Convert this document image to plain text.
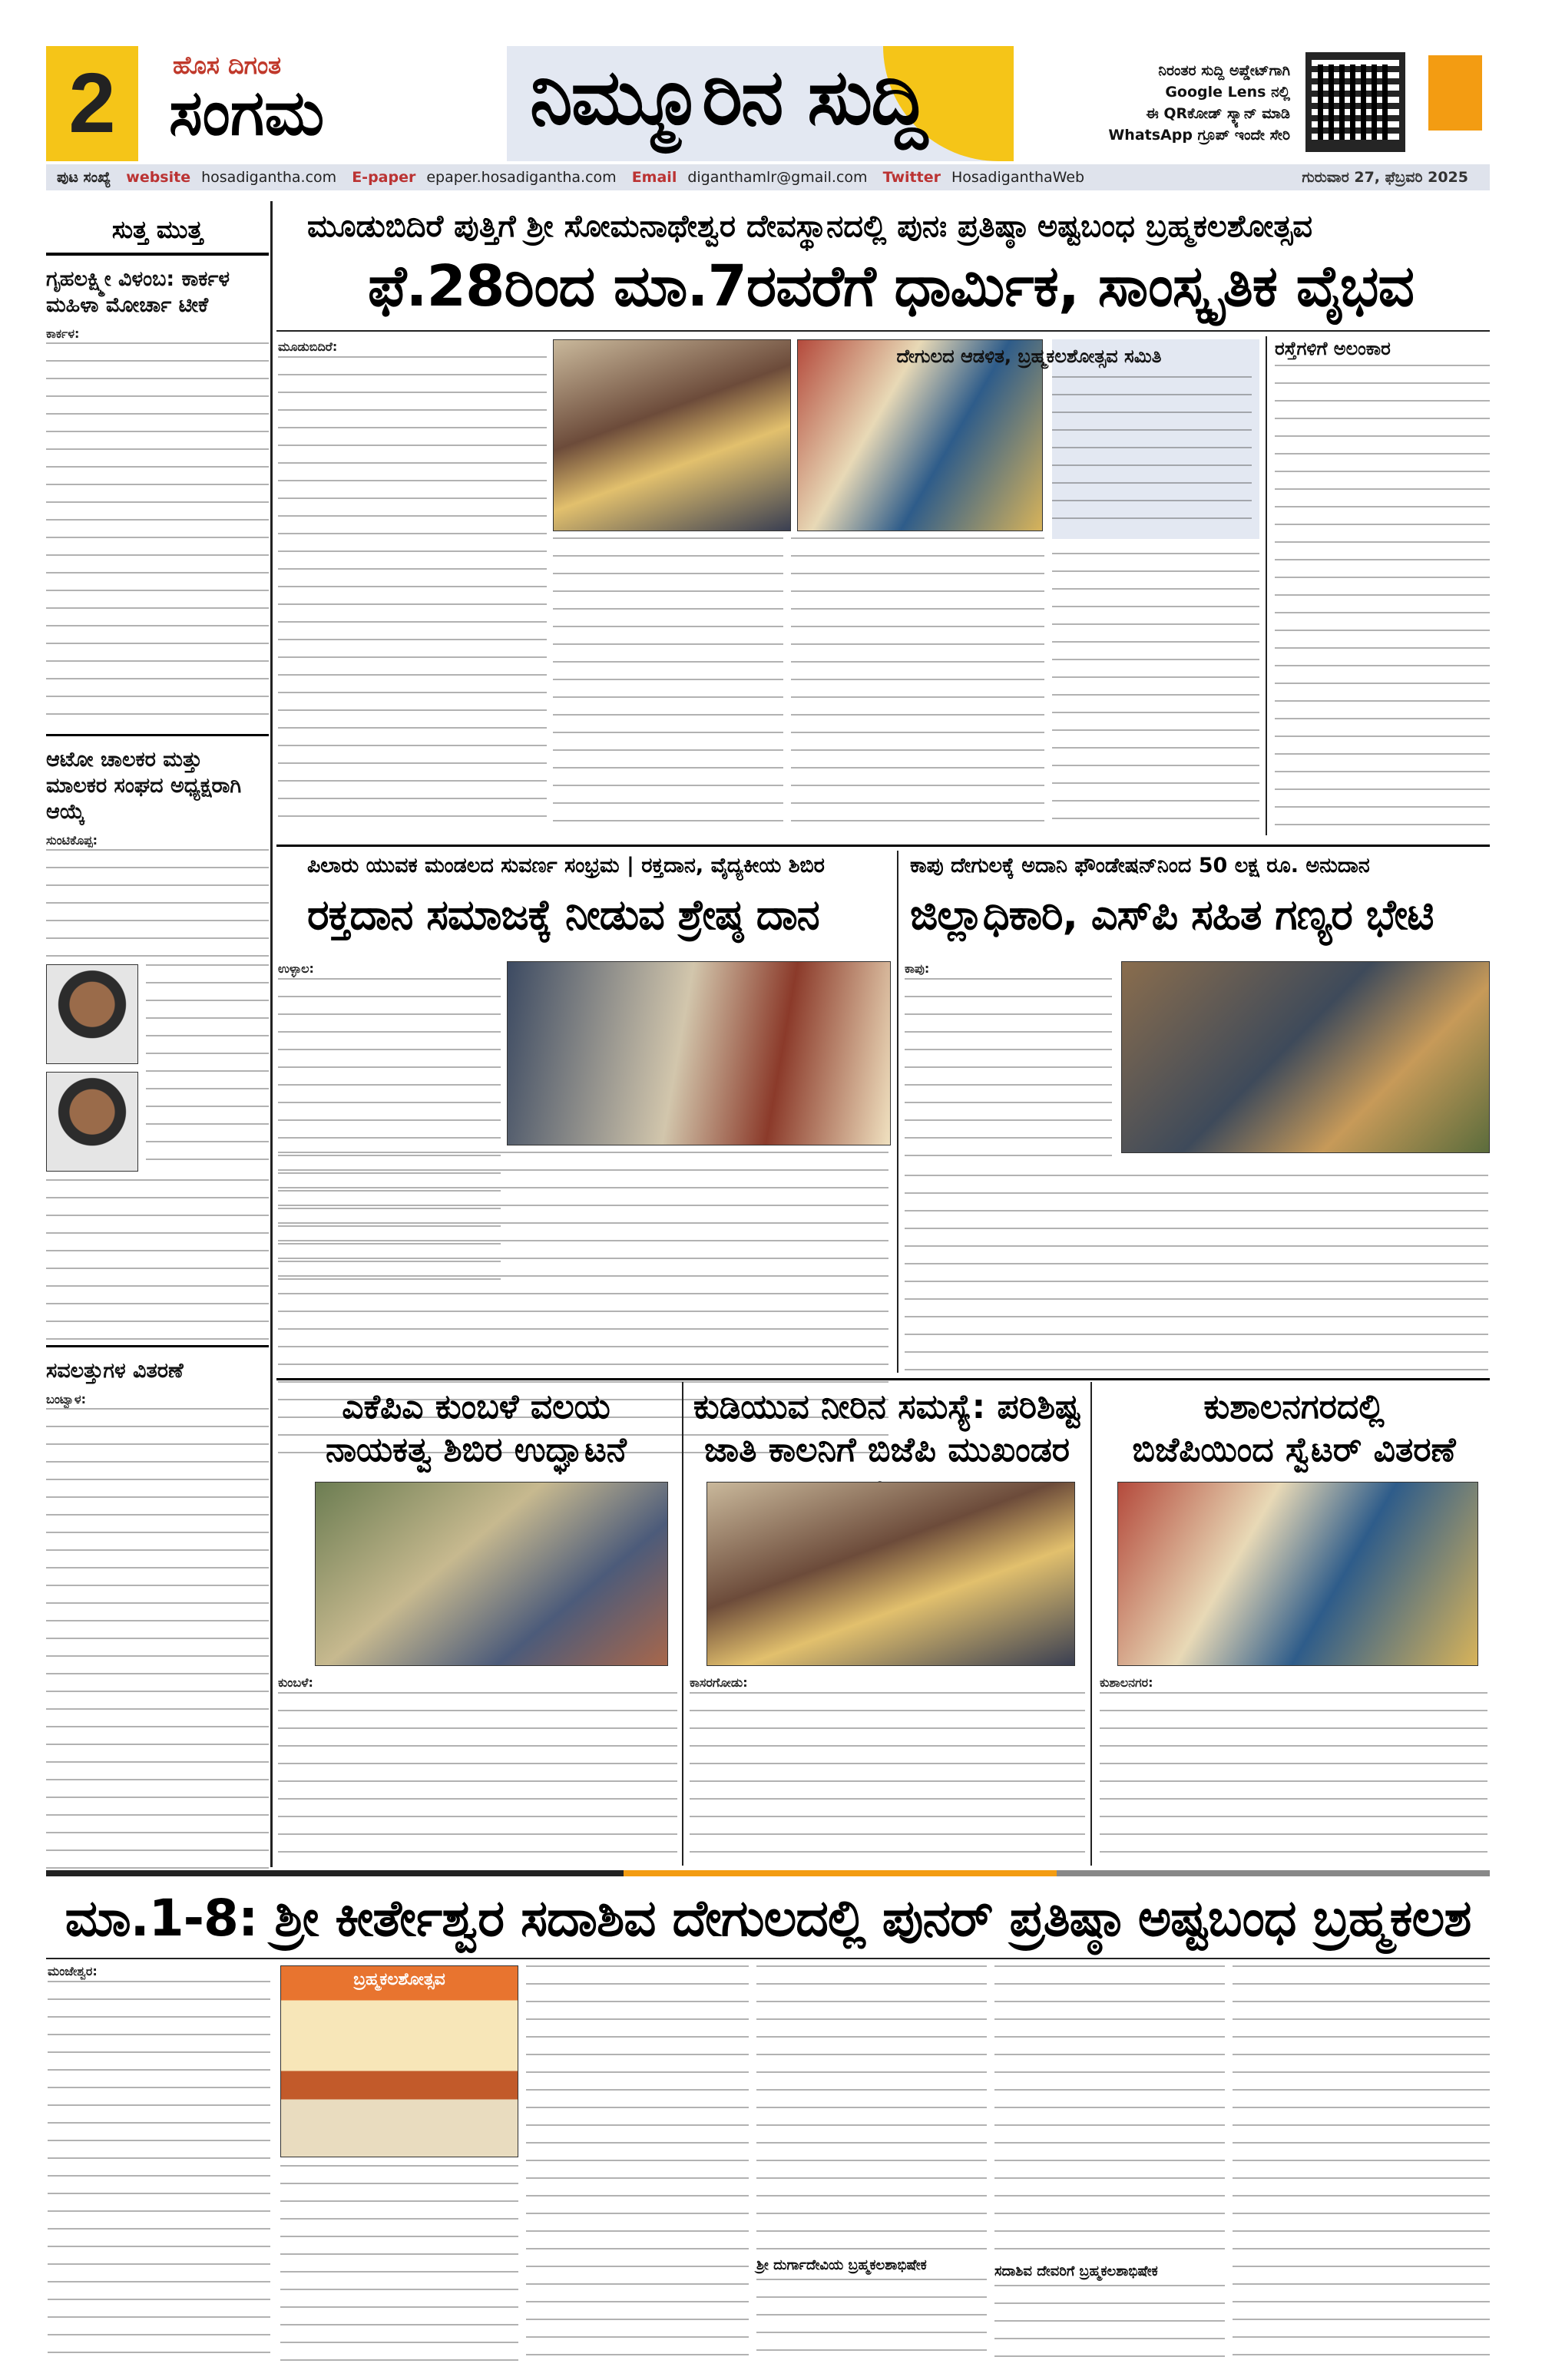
2	ಹೊಸ ದಿಗಂತ
ಸಂಗಮ	ನಿಮ್ಮೂರಿನ ಸುದ್ದಿ	ನಿರಂತರ ಸುದ್ದಿ ಅಪ್ಡೇಟ್‌ಗಾಗಿ
Google Lens ನಲ್ಲಿ
ಈ QRಕೋಡ್ ಸ್ಕ್ಯಾನ್ ಮಾಡಿ
WhatsApp ಗ್ರೂಪ್ ಇಂದೇ ಸೇರಿ
ಪುಟ ಸಂಖ್ಯೆ website hosadigantha.com E-paper epaper.hosadigantha.com Email diganthamlr@gmail.com Twitter HosadiganthaWeb	ಗುರುವಾರ 27, ಫೆಬ್ರವರಿ 2025
ಸುತ್ತ ಮುತ್ತ
ಗೃಹಲಕ್ಷ್ಮೀ ವಿಳಂಬ: ಕಾರ್ಕಳ ಮಹಿಳಾ ಮೋರ್ಚಾ ಟೀಕೆ
ಕಾರ್ಕಳ:
ಆಟೋ ಚಾಲಕರ ಮತ್ತು ಮಾಲಕರ ಸಂಘದ ಅಧ್ಯಕ್ಷರಾಗಿ ಆಯ್ಕೆ
ಸುಂಟಿಕೊಪ್ಪ:
ಸವಲತ್ತುಗಳ ವಿತರಣೆ
ಬಂಟ್ವಾಳ:
ಮೂಡುಬಿದಿರೆ ಪುತ್ತಿಗೆ ಶ್ರೀ ಸೋಮನಾಥೇಶ್ವರ ದೇವಸ್ಥಾನದಲ್ಲಿ ಪುನಃ ಪ್ರತಿಷ್ಠಾ ಅಷ್ಟಬಂಧ ಬ್ರಹ್ಮಕಲಶೋತ್ಸವ
ಫೆ.28ರಿಂದ ಮಾ.7ರವರೆಗೆ ಧಾರ್ಮಿಕ, ಸಾಂಸ್ಕೃತಿಕ ವೈಭವ
ಮೂಡುಬಿದಿರೆ:	ದೇಗುಲದ ಆಡಳಿತ, ಬ್ರಹ್ಮಕಲಶೋತ್ಸವ ಸಮಿತಿ	ರಸ್ತೆಗಳಿಗೆ ಅಲಂಕಾರ
ಪಿಲಾರು ಯುವಕ ಮಂಡಲದ ಸುವರ್ಣ ಸಂಭ್ರಮ | ರಕ್ತದಾನ, ವೈದ್ಯಕೀಯ ಶಿಬಿರ
ರಕ್ತದಾನ ಸಮಾಜಕ್ಕೆ ನೀಡುವ ಶ್ರೇಷ್ಠ ದಾನ
ಉಳ್ಳಾಲ:
ಕಾಪು ದೇಗುಲಕ್ಕೆ ಅದಾನಿ ಫೌಂಡೇಷನ್‌ನಿಂದ 50 ಲಕ್ಷ ರೂ. ಅನುದಾನ
ಜಿಲ್ಲಾಧಿಕಾರಿ, ಎಸ್‌ಪಿ ಸಹಿತ ಗಣ್ಯರ ಭೇಟಿ
ಕಾಪು:
ಎಕೆಪಿಎ ಕುಂಬಳೆ ವಲಯ
ನಾಯಕತ್ವ ಶಿಬಿರ ಉದ್ಘಾಟನೆ
ಕುಂಬಳೆ:
ಕುಡಿಯುವ ನೀರಿನ ಸಮಸ್ಯೆ: ಪರಿಶಿಷ್ಟ
ಜಾತಿ ಕಾಲನಿಗೆ ಬಿಜೆಪಿ ಮುಖಂಡರ
ಕಾಸರಗೋಡು:
ಕುಶಾಲನಗರದಲ್ಲಿ
ಬಿಜೆಪಿಯಿಂದ ಸ್ವೆಟರ್ ವಿತರಣೆ
ಕುಶಾಲನಗರ:
ಮಾ.1-8: ಶ್ರೀ ಕೀರ್ತೇಶ್ವರ ಸದಾಶಿವ ದೇಗುಲದಲ್ಲಿ ಪುನರ್ ಪ್ರತಿಷ್ಠಾ ಅಷ್ಟಬಂಧ ಬ್ರಹ್ಮಕಲಶ
ಮಂಜೇಶ್ವರ:	ಬ್ರಹ್ಮಕಲಶೋತ್ಸವ
ಶ್ರೀ ದುರ್ಗಾದೇವಿಯ ಬ್ರಹ್ಮಕಲಶಾಭಿಷೇಕ	ಸದಾಶಿವ ದೇವರಿಗೆ ಬ್ರಹ್ಮಕಲಶಾಭಿಷೇಕ
